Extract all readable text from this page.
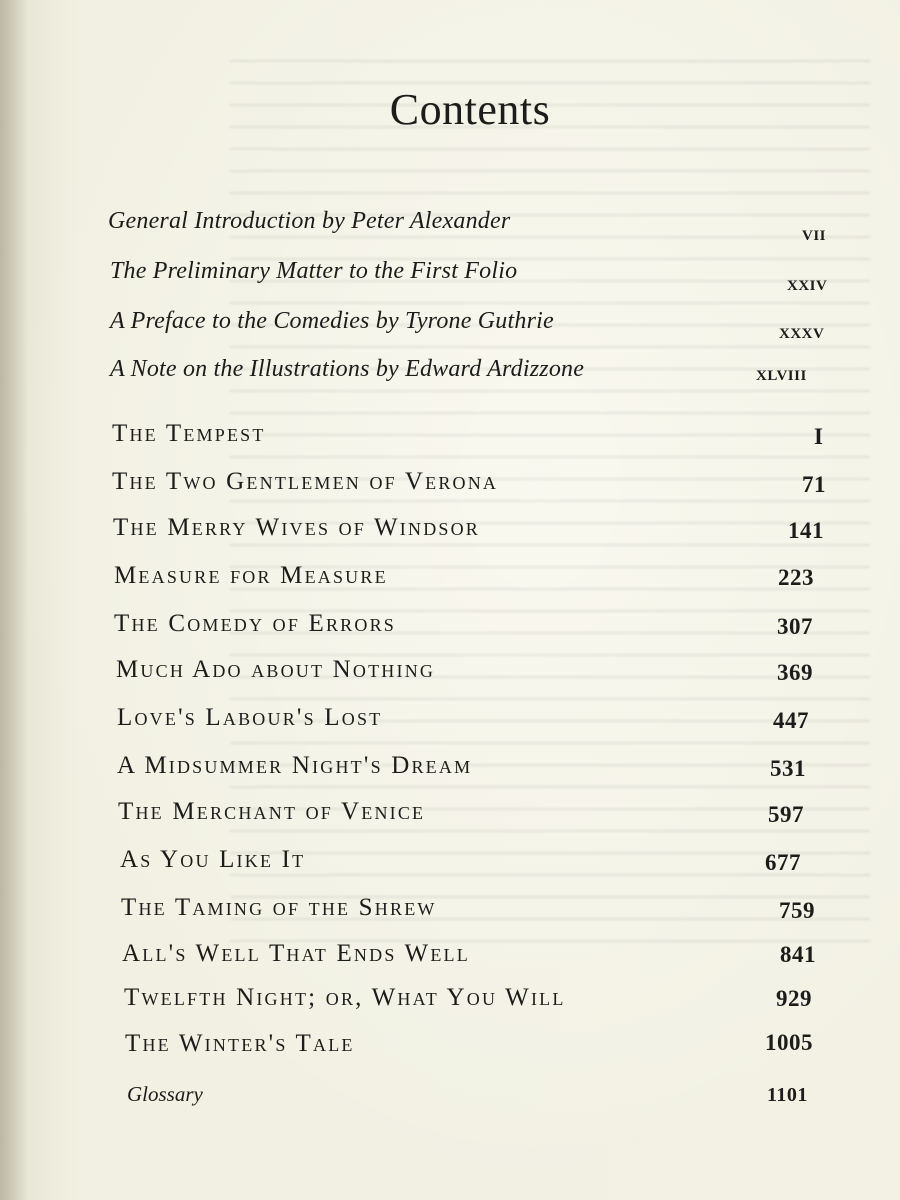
Contents
General Introduction by Peter Alexander	vii
The Preliminary Matter to the First Folio	xxiv
A Preface to the Comedies by Tyrone Guthrie	xxxv
A Note on the Illustrations by Edward Ardizzone	xlviii
The Tempest	I
The Two Gentlemen of Verona	71
The Merry Wives of Windsor	141
Measure for Measure	223
The Comedy of Errors	307
Much Ado about Nothing	369
Love's Labour's Lost	447
A Midsummer Night's Dream	531
The Merchant of Venice	597
As You Like It	677
The Taming of the Shrew	759
All's Well That Ends Well	841
Twelfth Night; or, What You Will	929
The Winter's Tale	1005
Glossary	1101
